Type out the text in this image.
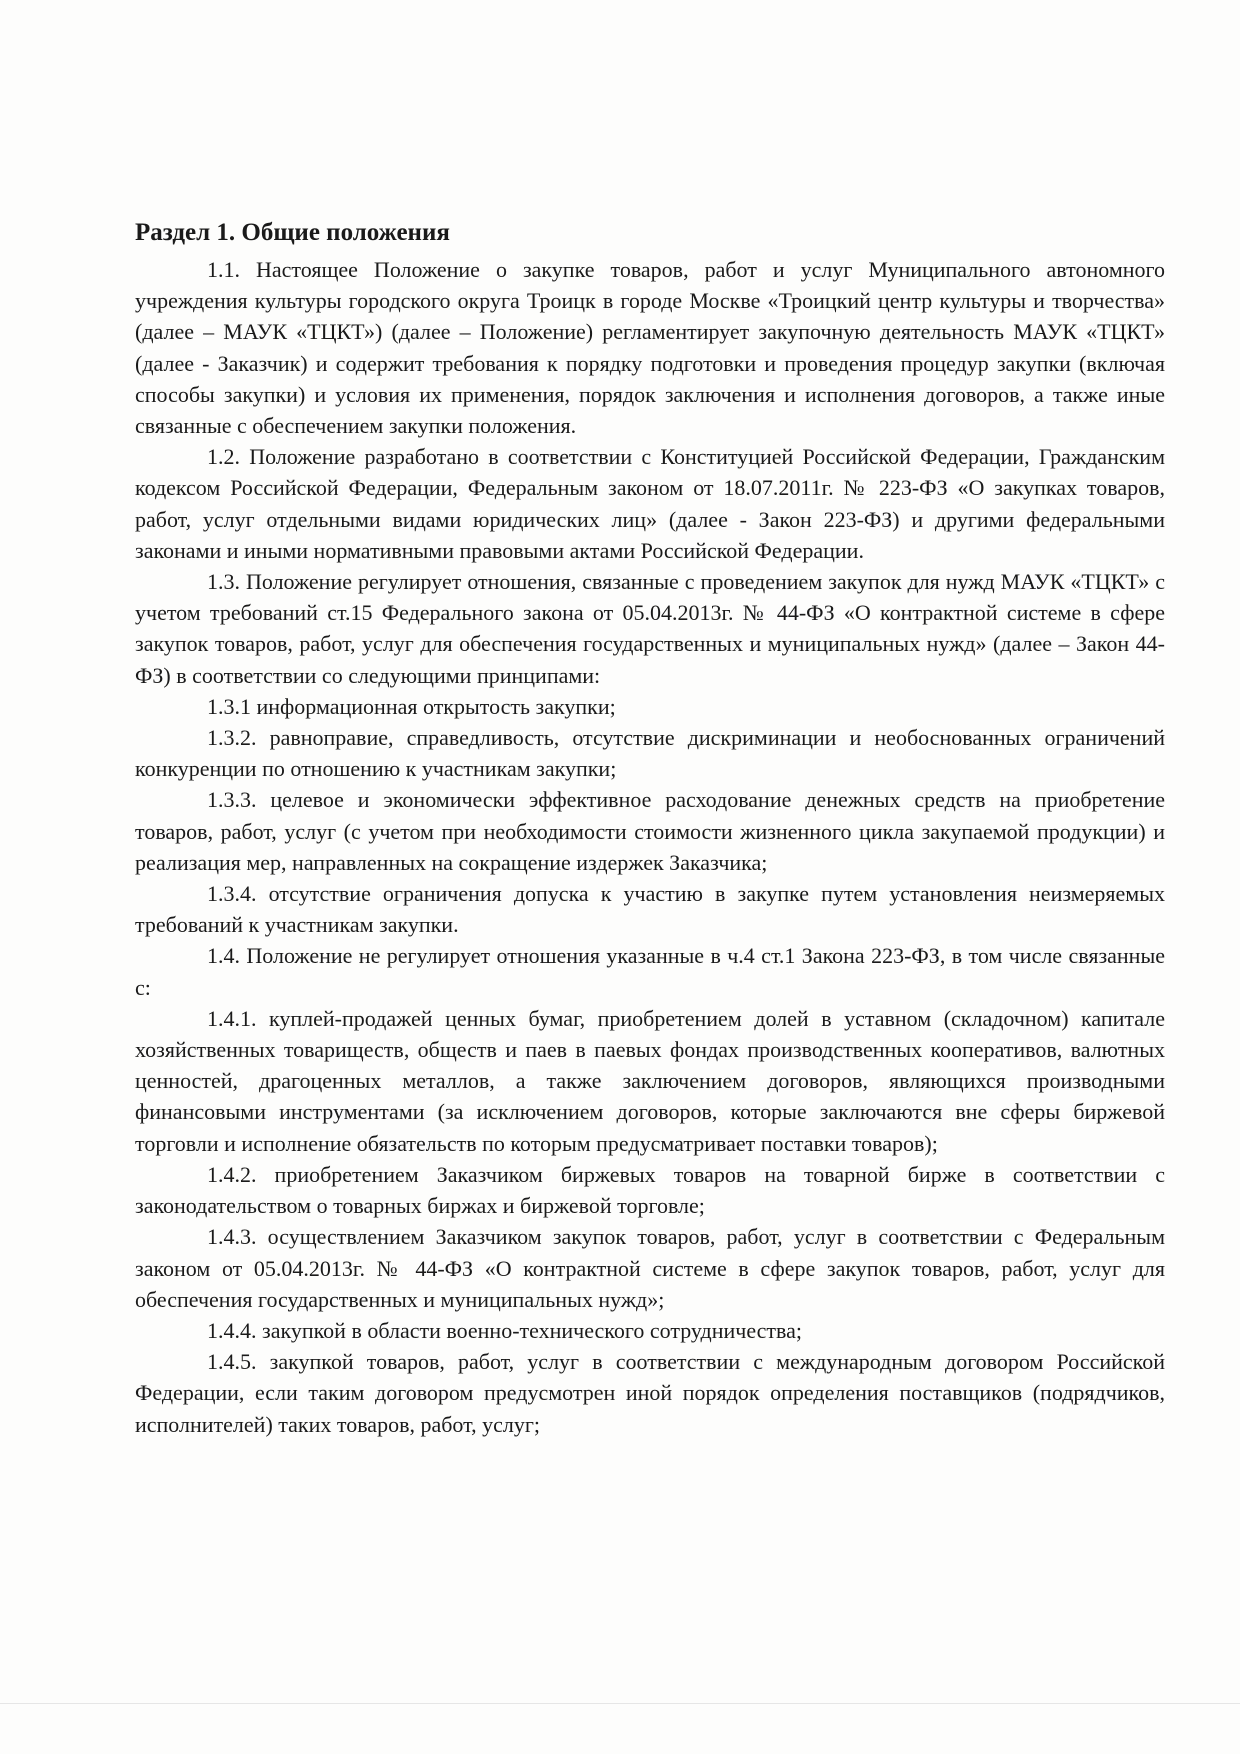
Раздел 1. Общие положения

1.1. Настоящее Положение о закупке товаров, работ и услуг Муниципального автономного учреждения культуры городского округа Троицк в городе Москве «Троицкий центр культуры и творчества» (далее – МАУК «ТЦКТ») (далее – Положение) регламентирует закупочную деятельность МАУК «ТЦКТ» (далее - Заказчик) и содержит требования к порядку подготовки и проведения процедур закупки (включая способы закупки) и условия их применения, порядок заключения и исполнения договоров, а также иные связанные с обеспечением закупки положения.

1.2. Положение разработано в соответствии с Конституцией Российской Федерации, Гражданским кодексом Российской Федерации, Федеральным законом от 18.07.2011г. № 223-ФЗ «О закупках товаров, работ, услуг отдельными видами юридических лиц» (далее - Закон 223-ФЗ) и другими федеральными законами и иными нормативными правовыми актами Российской Федерации.

1.3. Положение регулирует отношения, связанные с проведением закупок для нужд МАУК «ТЦКТ» с учетом требований ст.15 Федерального закона от 05.04.2013г. № 44-ФЗ «О контрактной системе в сфере закупок товаров, работ, услуг для обеспечения государственных и муниципальных нужд» (далее – Закон 44-ФЗ) в соответствии со следующими принципами:

1.3.1 информационная открытость закупки;

1.3.2. равноправие, справедливость, отсутствие дискриминации и необоснованных ограничений конкуренции по отношению к участникам закупки;

1.3.3. целевое и экономически эффективное расходование денежных средств на приобретение товаров, работ, услуг (с учетом при необходимости стоимости жизненного цикла закупаемой продукции) и реализация мер, направленных на сокращение издержек Заказчика;

1.3.4. отсутствие ограничения допуска к участию в закупке путем установления неизмеряемых требований к участникам закупки.

1.4. Положение не регулирует отношения указанные в ч.4 ст.1 Закона 223-ФЗ, в том числе связанные с:

1.4.1. куплей-продажей ценных бумаг, приобретением долей в уставном (складочном) капитале хозяйственных товариществ, обществ и паев в паевых фондах производственных кооперативов, валютных ценностей, драгоценных металлов, а также заключением договоров, являющихся производными финансовыми инструментами (за исключением договоров, которые заключаются вне сферы биржевой торговли и исполнение обязательств по которым предусматривает поставки товаров);

1.4.2. приобретением Заказчиком биржевых товаров на товарной бирже в соответствии с законодательством о товарных биржах и биржевой торговле;

1.4.3. осуществлением Заказчиком закупок товаров, работ, услуг в соответствии с Федеральным законом от 05.04.2013г. № 44-ФЗ «О контрактной системе в сфере закупок товаров, работ, услуг для обеспечения государственных и муниципальных нужд»;

1.4.4. закупкой в области военно-технического сотрудничества;

1.4.5. закупкой товаров, работ, услуг в соответствии с международным договором Российской Федерации, если таким договором предусмотрен иной порядок определения поставщиков (подрядчиков, исполнителей) таких товаров, работ, услуг;
